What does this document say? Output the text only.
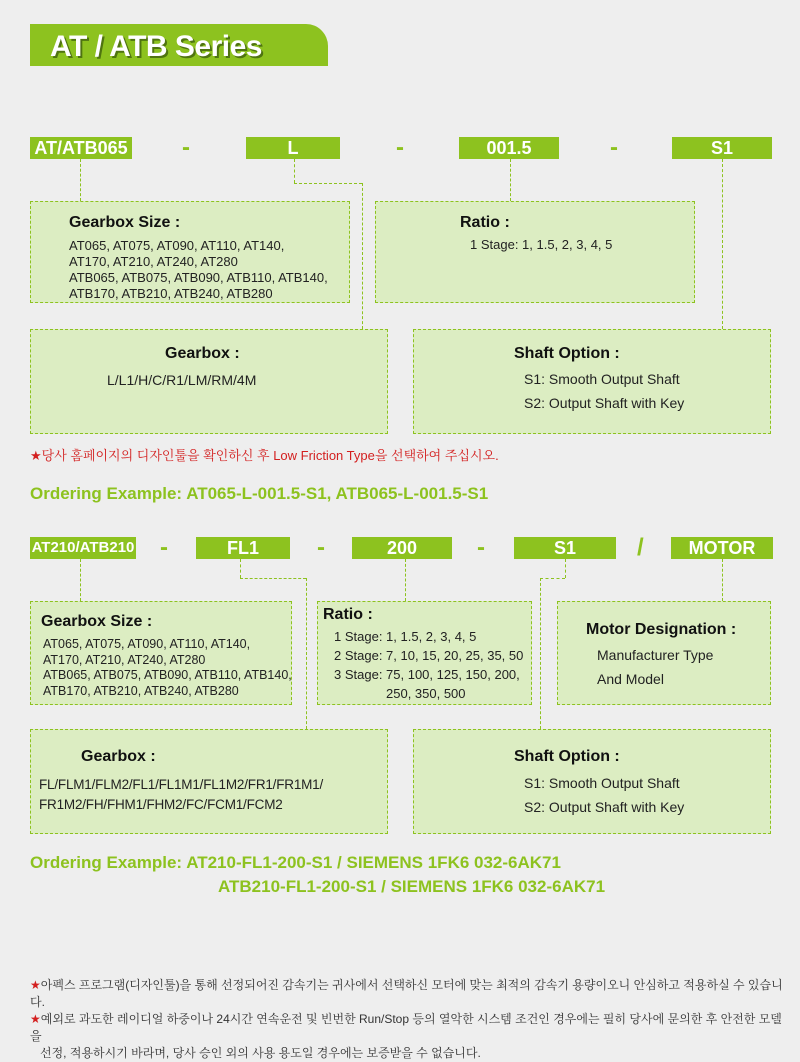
AT / ATB Series
AT/ATB065 -	L	-	001.5	-	S1
Gearbox Size :
AT065, AT075, AT090, AT110, AT140,
AT170, AT210, AT240, AT280
ATB065, ATB075, ATB090, ATB110, ATB140,
ATB170, ATB210, ATB240, ATB280
Ratio :
1 Stage: 1, 1.5, 2, 3, 4, 5
Gearbox :
L/L1/H/C/R1/LM/RM/4M
Shaft Option :
S1: Smooth Output Shaft
S2: Output Shaft with Key
★당사 홈페이지의 디자인툴을 확인하신 후 Low Friction Type을 선택하여 주십시오.
Ordering Example: AT065-L-001.5-S1, ATB065-L-001.5-S1
AT210/ATB210 -	FL1	-	200	-	S1	/	MOTOR
Gearbox Size :
AT065, AT075, AT090, AT110, AT140,
AT170, AT210, AT240, AT280
ATB065, ATB075, ATB090, ATB110, ATB140,
ATB170, ATB210, ATB240, ATB280
Ratio :
1 Stage: 1, 1.5, 2, 3, 4, 5
2 Stage: 7, 10, 15, 20, 25, 35, 50
3 Stage: 75, 100, 125, 150, 200,
250, 350, 500
Motor Designation :
Manufacturer Type
And Model
Gearbox :
FL/FLM1/FLM2/FL1/FL1M1/FL1M2/FR1/FR1M1/
FR1M2/FH/FHM1/FHM2/FC/FCM1/FCM2
Shaft Option :
S1: Smooth Output Shaft
S2: Output Shaft with Key
Ordering Example: AT210-FL1-200-S1 / SIEMENS 1FK6 032-6AK71
ATB210-FL1-200-S1 / SIEMENS 1FK6 032-6AK71
★아펙스 프로그램(디자인툴)을 통해 선정되어진 감속기는 귀사에서 선택하신 모터에 맞는 최적의 감속기 용량이오니 안심하고 적용하실 수 있습니다.
★예외로 과도한 레이디얼 하중이나 24시간 연속운전 및 빈번한 Run/Stop 등의 열악한 시스템 조건인 경우에는 필히 당사에 문의한 후 안전한 모델을
선정, 적용하시기 바라며, 당사 승인 외의 사용 용도일 경우에는 보증받을 수 없습니다.
